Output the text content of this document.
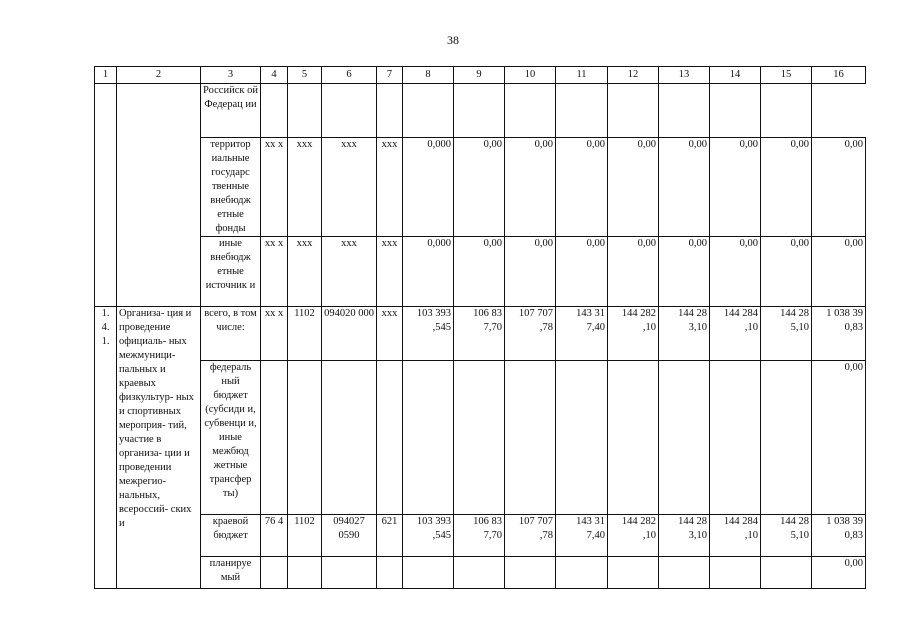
38
1	2	3	4	5	6	7	8	9	10	11	12	13	14	15	16
		Российск ой Федерац ии													
		территор иальные государс твенные внебюдж етные фонды	хх х	ххх	ххх	ххх	0,000	0,00	0,00	0,00	0,00	0,00	0,00	0,00	0,00
		иные внебюдж етные источник и	хх х	ххх	ххх	ххх	0,000	0,00	0,00	0,00	0,00	0,00	0,00	0,00	0,00
1. 4. 1.	Организа- ция и проведение официаль- ных межмуници- пальных и краевых физкультур- ных и спортивных мероприя- тий, участие в организа- ции и проведении межрегио- нальных, всероссий- ских и	всего, в том числе:	хх х	1102	094020 000	ххх	103 393 ,545	106 83 7,70	107 707 ,78	143 31 7,40	144 282 ,10	144 28 3,10	144 284 ,10	144 28 5,10	1 038 39 0,83
		федераль ный бюджет (субсиди и, субвенци и, иные межбюд жетные трансфер ты)													0,00
		краевой бюджет	76 4	1102	094027 0590	621	103 393 ,545	106 83 7,70	107 707 ,78	143 31 7,40	144 282 ,10	144 28 3,10	144 284 ,10	144 28 5,10	1 038 39 0,83
		планируе мый													0,00
